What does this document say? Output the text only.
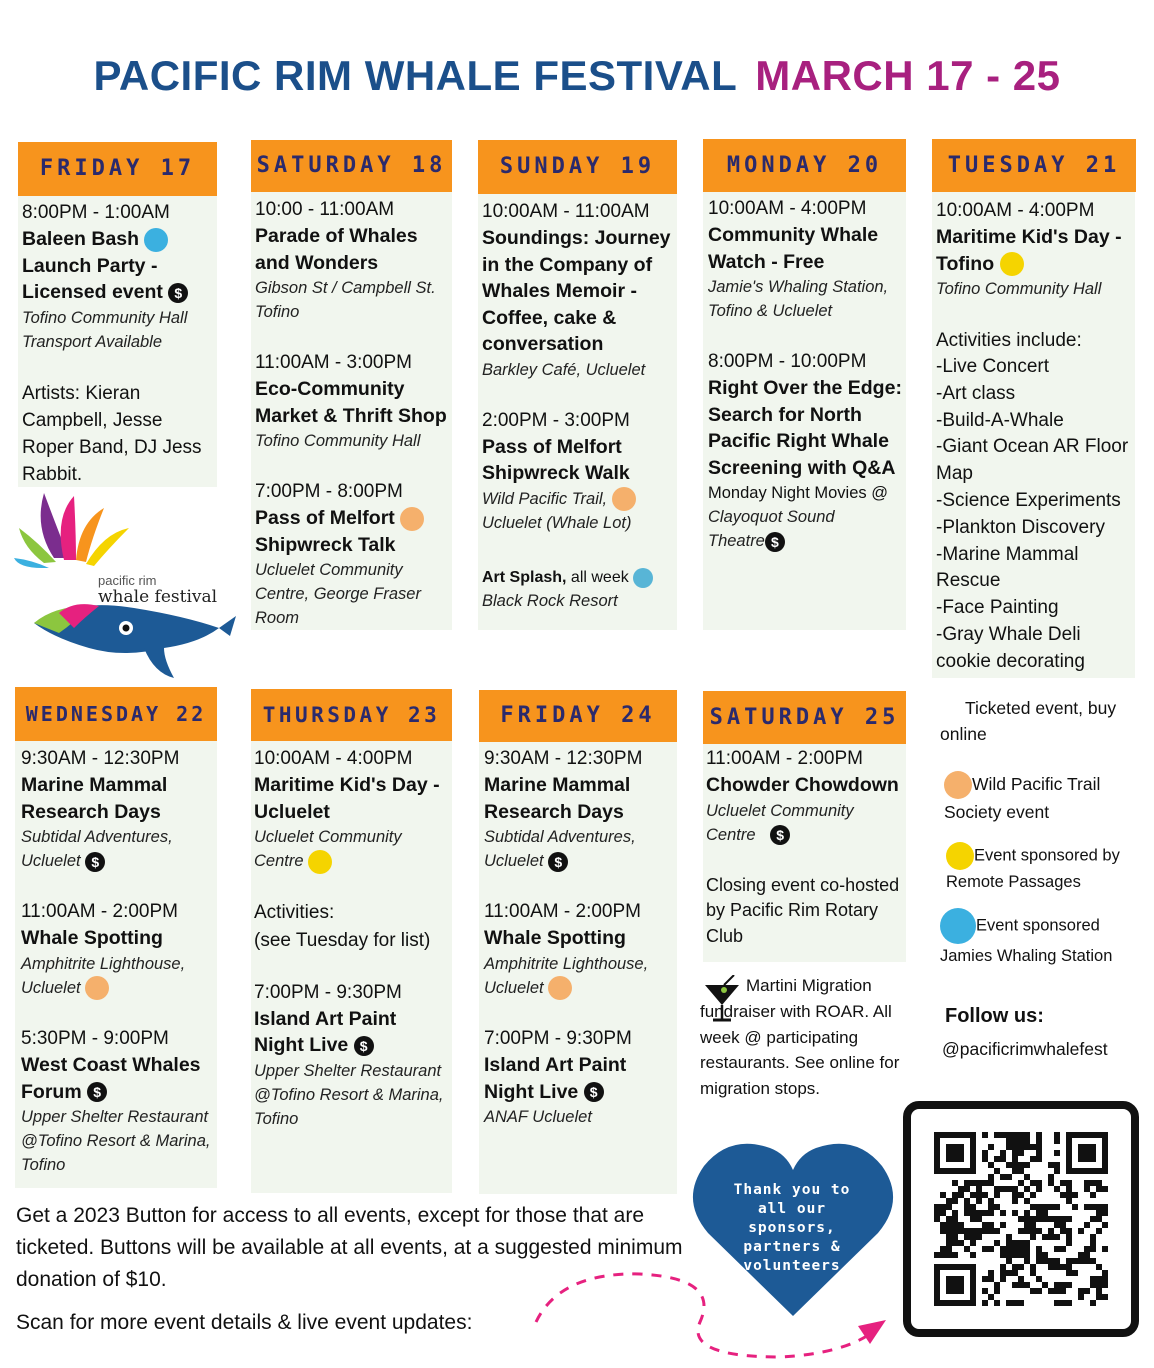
PACIFIC RIM WHALE FESTIVAL MARCH 17 - 25
FRIDAY 17
8:00PM - 1:00AM
Baleen Bash
Launch Party -
Licensed event $
Tofino Community Hall
Transport Available
Artists: Kieran Campbell, Jesse Roper Band, DJ Jess Rabbit.
SATURDAY 18
10:00 - 11:00AM
Parade of Whales and Wonders
Gibson St / Campbell St. Tofino
11:00AM - 3:00PM
Eco-Community Market & Thrift Shop
Tofino Community Hall
7:00PM - 8:00PM
Pass of Melfort
Shipwreck Talk
Ucluelet Community Centre, George Fraser Room
SUNDAY 19
10:00AM - 11:00AM
Soundings: Journey in the Company of Whales Memoir - Coffee, cake & conversation
Barkley Café, Ucluelet
2:00PM - 3:00PM
Pass of Melfort Shipwreck Walk
Wild Pacific Trail,
Ucluelet (Whale Lot)
Art Splash, all week
Black Rock Resort
MONDAY 20
10:00AM - 4:00PM
Community Whale Watch - Free
Jamie's Whaling Station, Tofino & Ucluelet
8:00PM - 10:00PM
Right Over the Edge: Search for North Pacific Right Whale Screening with Q&A
Monday Night Movies @
Clayoquot Sound
Theatre $
TUESDAY 21
10:00AM - 4:00PM
Maritime Kid's Day -
Tofino
Tofino Community Hall
Activities include:
-Live Concert
-Art class
-Build-A-Whale
-Giant Ocean AR Floor Map
-Science Experiments
-Plankton Discovery
-Marine Mammal Rescue
-Face Painting
-Gray Whale Deli cookie decorating
pacific rim
whale festival
WEDNESDAY 22
9:30AM - 12:30PM
Marine Mammal Research Days
Subtidal Adventures,
Ucluelet $
11:00AM - 2:00PM
Whale Spotting
Amphitrite Lighthouse,
Ucluelet
5:30PM - 9:00PM
West Coast Whales
Forum $
Upper Shelter Restaurant @Tofino Resort & Marina, Tofino
THURSDAY 23
10:00AM - 4:00PM
Maritime Kid's Day - Ucluelet
Ucluelet Community
Centre
Activities:
(see Tuesday for list)
7:00PM - 9:30PM
Island Art Paint
Night Live $
Upper Shelter Restaurant @Tofino Resort & Marina, Tofino
FRIDAY 24
9:30AM - 12:30PM
Marine Mammal Research Days
Subtidal Adventures,
Ucluelet $
11:00AM - 2:00PM
Whale Spotting
Amphitrite Lighthouse,
Ucluelet
7:00PM - 9:30PM
Island Art Paint
Night Live $
ANAF Ucluelet
SATURDAY 25
11:00AM - 2:00PM
Chowder Chowdown
Ucluelet Community
Centre $
Closing event co-hosted by Pacific Rim Rotary Club
Martini Migration fundraiser with ROAR. All week @ participating restaurants. See online for migration stops.
Ticketed event, buy online
Wild Pacific Trail Society event
Event sponsored by Remote Passages
Event sponsored Jamies Whaling Station
Follow us:
@pacificrimwhalefest
Get a 2023 Button for access to all events, except for those that are ticketed. Buttons will be available at all events, at a suggested minimum donation of $10.
Scan for more event details & live event updates:
Thank you to all our sponsors, partners & volunteers
